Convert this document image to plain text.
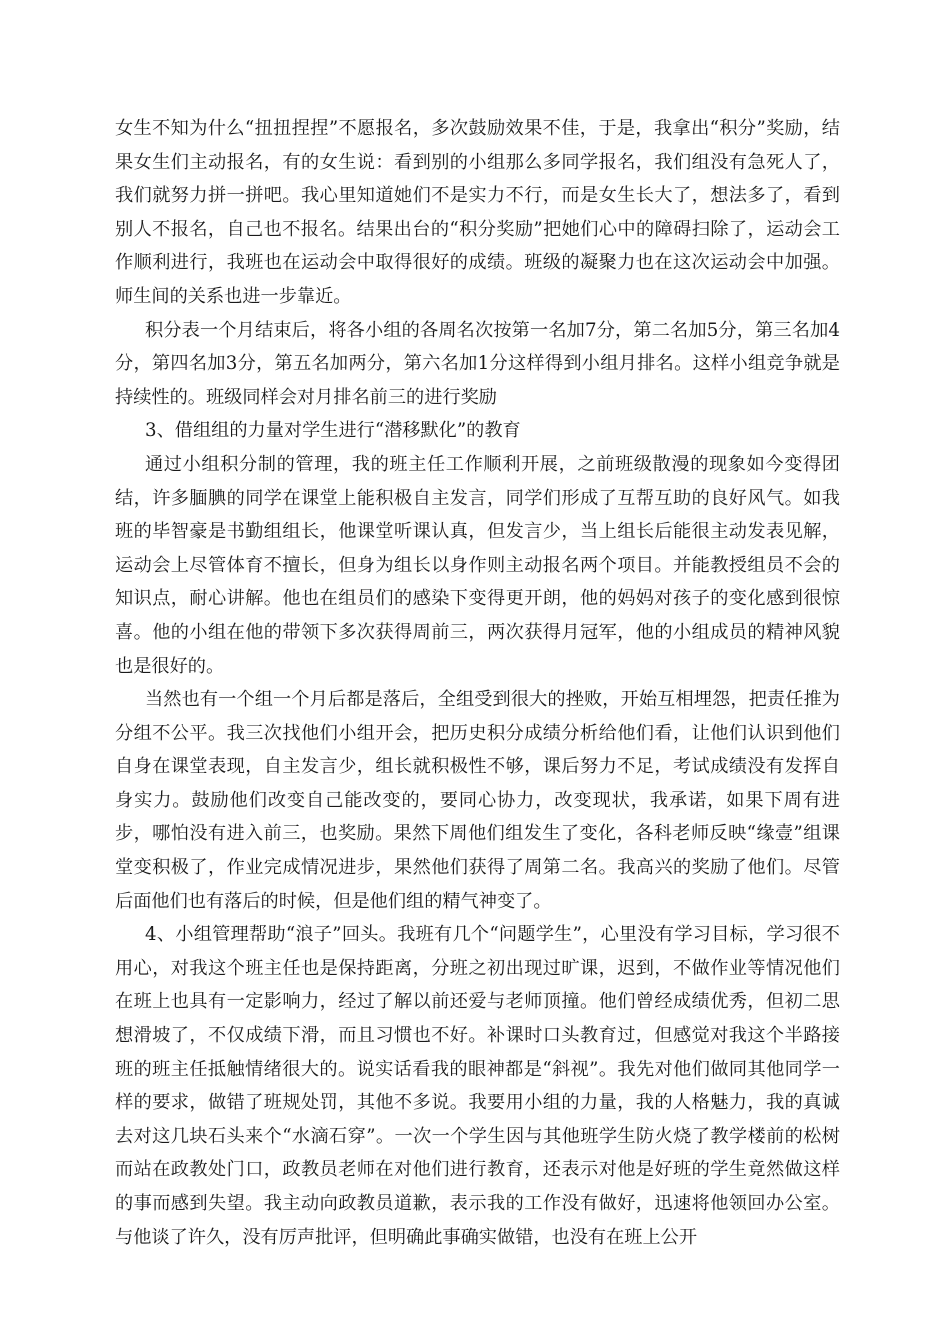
女生不知为什么“扭扭捏捏”不愿报名，多次鼓励效果不佳，于是，我拿出“积分”奖励，结果女生们主动报名，有的女生说：看到别的小组那么多同学报名，我们组没有急死人了，我们就努力拼一拼吧。我心里知道她们不是实力不行，而是女生长大了，想法多了，看到别人不报名，自己也不报名。结果出台的“积分奖励”把她们心中的障碍扫除了，运动会工作顺利进行，我班也在运动会中取得很好的成绩。班级的凝聚力也在这次运动会中加强。师生间的关系也进一步靠近。

积分表一个月结束后，将各小组的各周名次按第一名加7分，第二名加5分，第三名加4分，第四名加3分，第五名加两分，第六名加1分这样得到小组月排名。这样小组竞争就是持续性的。班级同样会对月排名前三的进行奖励

3、借组组的力量对学生进行“潜移默化”的教育

通过小组积分制的管理，我的班主任工作顺利开展，之前班级散漫的现象如今变得团结，许多腼腆的同学在课堂上能积极自主发言，同学们形成了互帮互助的良好风气。如我班的毕智豪是书勤组组长，他课堂听课认真，但发言少，当上组长后能很主动发表见解，运动会上尽管体育不擅长，但身为组长以身作则主动报名两个项目。并能教授组员不会的知识点，耐心讲解。他也在组员们的感染下变得更开朗，他的妈妈对孩子的变化感到很惊喜。他的小组在他的带领下多次获得周前三，两次获得月冠军，他的小组成员的精神风貌也是很好的。

当然也有一个组一个月后都是落后，全组受到很大的挫败，开始互相埋怨，把责任推为分组不公平。我三次找他们小组开会，把历史积分成绩分析给他们看，让他们认识到他们自身在课堂表现，自主发言少，组长就积极性不够，课后努力不足，考试成绩没有发挥自身实力。鼓励他们改变自己能改变的，要同心协力，改变现状，我承诺，如果下周有进步，哪怕没有进入前三，也奖励。果然下周他们组发生了变化，各科老师反映“缘壹”组课堂变积极了，作业完成情况进步，果然他们获得了周第二名。我高兴的奖励了他们。尽管后面他们也有落后的时候，但是他们组的精气神变了。

4、小组管理帮助“浪子”回头。我班有几个“问题学生”，心里没有学习目标，学习很不用心，对我这个班主任也是保持距离，分班之初出现过旷课，迟到，不做作业等情况他们在班上也具有一定影响力，经过了解以前还爱与老师顶撞。他们曾经成绩优秀，但初二思想滑坡了，不仅成绩下滑，而且习惯也不好。补课时口头教育过，但感觉对我这个半路接班的班主任抵触情绪很大的。说实话看我的眼神都是“斜视”。我先对他们做同其他同学一样的要求，做错了班规处罚，其他不多说。我要用小组的力量，我的人格魅力，我的真诚去对这几块石头来个“水滴石穿”。一次一个学生因与其他班学生防火烧了教学楼前的松树而站在政教处门口，政教员老师在对他们进行教育，还表示对他是好班的学生竟然做这样的事而感到失望。我主动向政教员道歉，表示我的工作没有做好，迅速将他领回办公室。与他谈了许久，没有厉声批评，但明确此事确实做错，也没有在班上公开
